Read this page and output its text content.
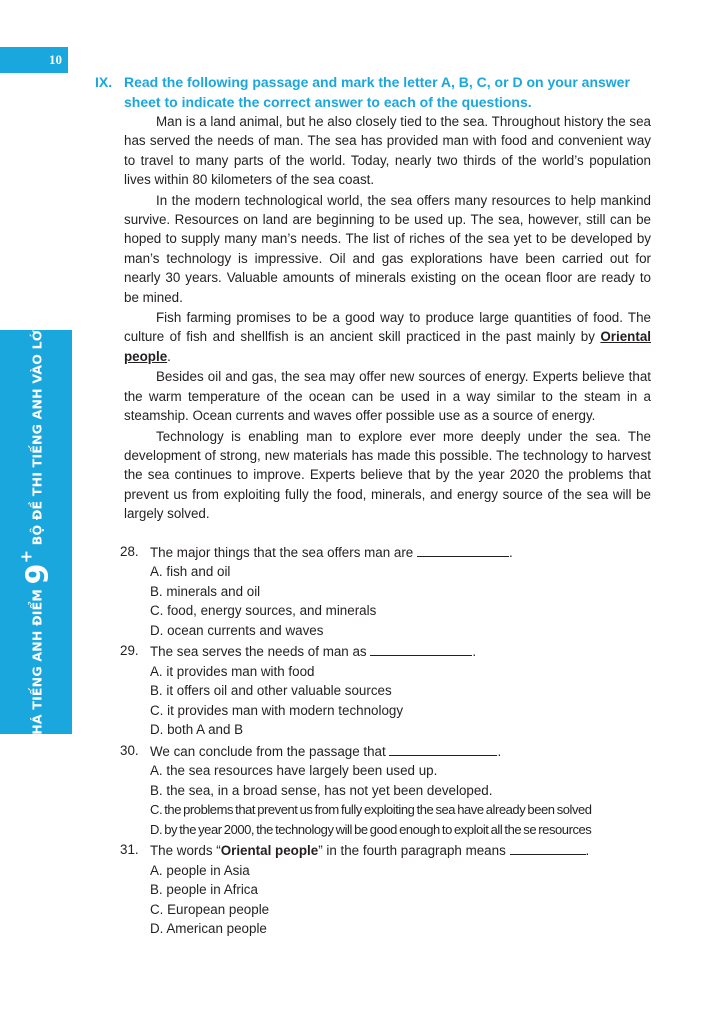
10
ĐỘT PHÁ TIẾNG ANH ĐIỂM 9+ BỘ ĐỀ THI TIẾNG ANH VÀO LỚP 10
IX. Read the following passage and mark the letter A, B, C, or D on your answer sheet to indicate the correct answer to each of the questions.

Man is a land animal, but he also closely tied to the sea. Throughout history the sea has served the needs of man. The sea has provided man with food and convenient way to travel to many parts of the world. Today, nearly two thirds of the world’s population lives within 80 kilometers of the sea coast.

In the modern technological world, the sea offers many resources to help mankind survive. Resources on land are beginning to be used up. The sea, however, still can be hoped to supply many man’s needs. The list of riches of the sea yet to be developed by man’s technology is impressive. Oil and gas explorations have been carried out for nearly 30 years. Valuable amounts of minerals existing on the ocean floor are ready to be mined.

Fish farming promises to be a good way to produce large quantities of food. The culture of fish and shellfish is an ancient skill practiced in the past mainly by Oriental people.

Besides oil and gas, the sea may offer new sources of energy. Experts believe that the warm temperature of the ocean can be used in a way similar to the steam in a steamship. Ocean currents and waves offer possible use as a source of energy.

Technology is enabling man to explore ever more deeply under the sea. The development of strong, new materials has made this possible. The technology to harvest the sea continues to improve. Experts believe that by the year 2020 the problems that prevent us from exploiting fully the food, minerals, and energy source of the sea will be largely solved.

28. The major things that the sea offers man are	.
A. fish and oil
B. minerals and oil
C. food, energy sources, and minerals
D. ocean currents and waves
29. The sea serves the needs of man as	.
A. it provides man with food
B. it offers oil and other valuable sources
C. it provides man with modern technology
D. both A and B
30. We can conclude from the passage that	.
A. the sea resources have largely been used up.
B. the sea, in a broad sense, has not yet been developed.
C. the problems that prevent us from fully exploiting the sea have already been solved
D. by the year 2000, the technology will be good enough to exploit all the se resources
31. The words “Oriental people” in the fourth paragraph means	.
A. people in Asia
B. people in Africa
C. European people
D. American people
